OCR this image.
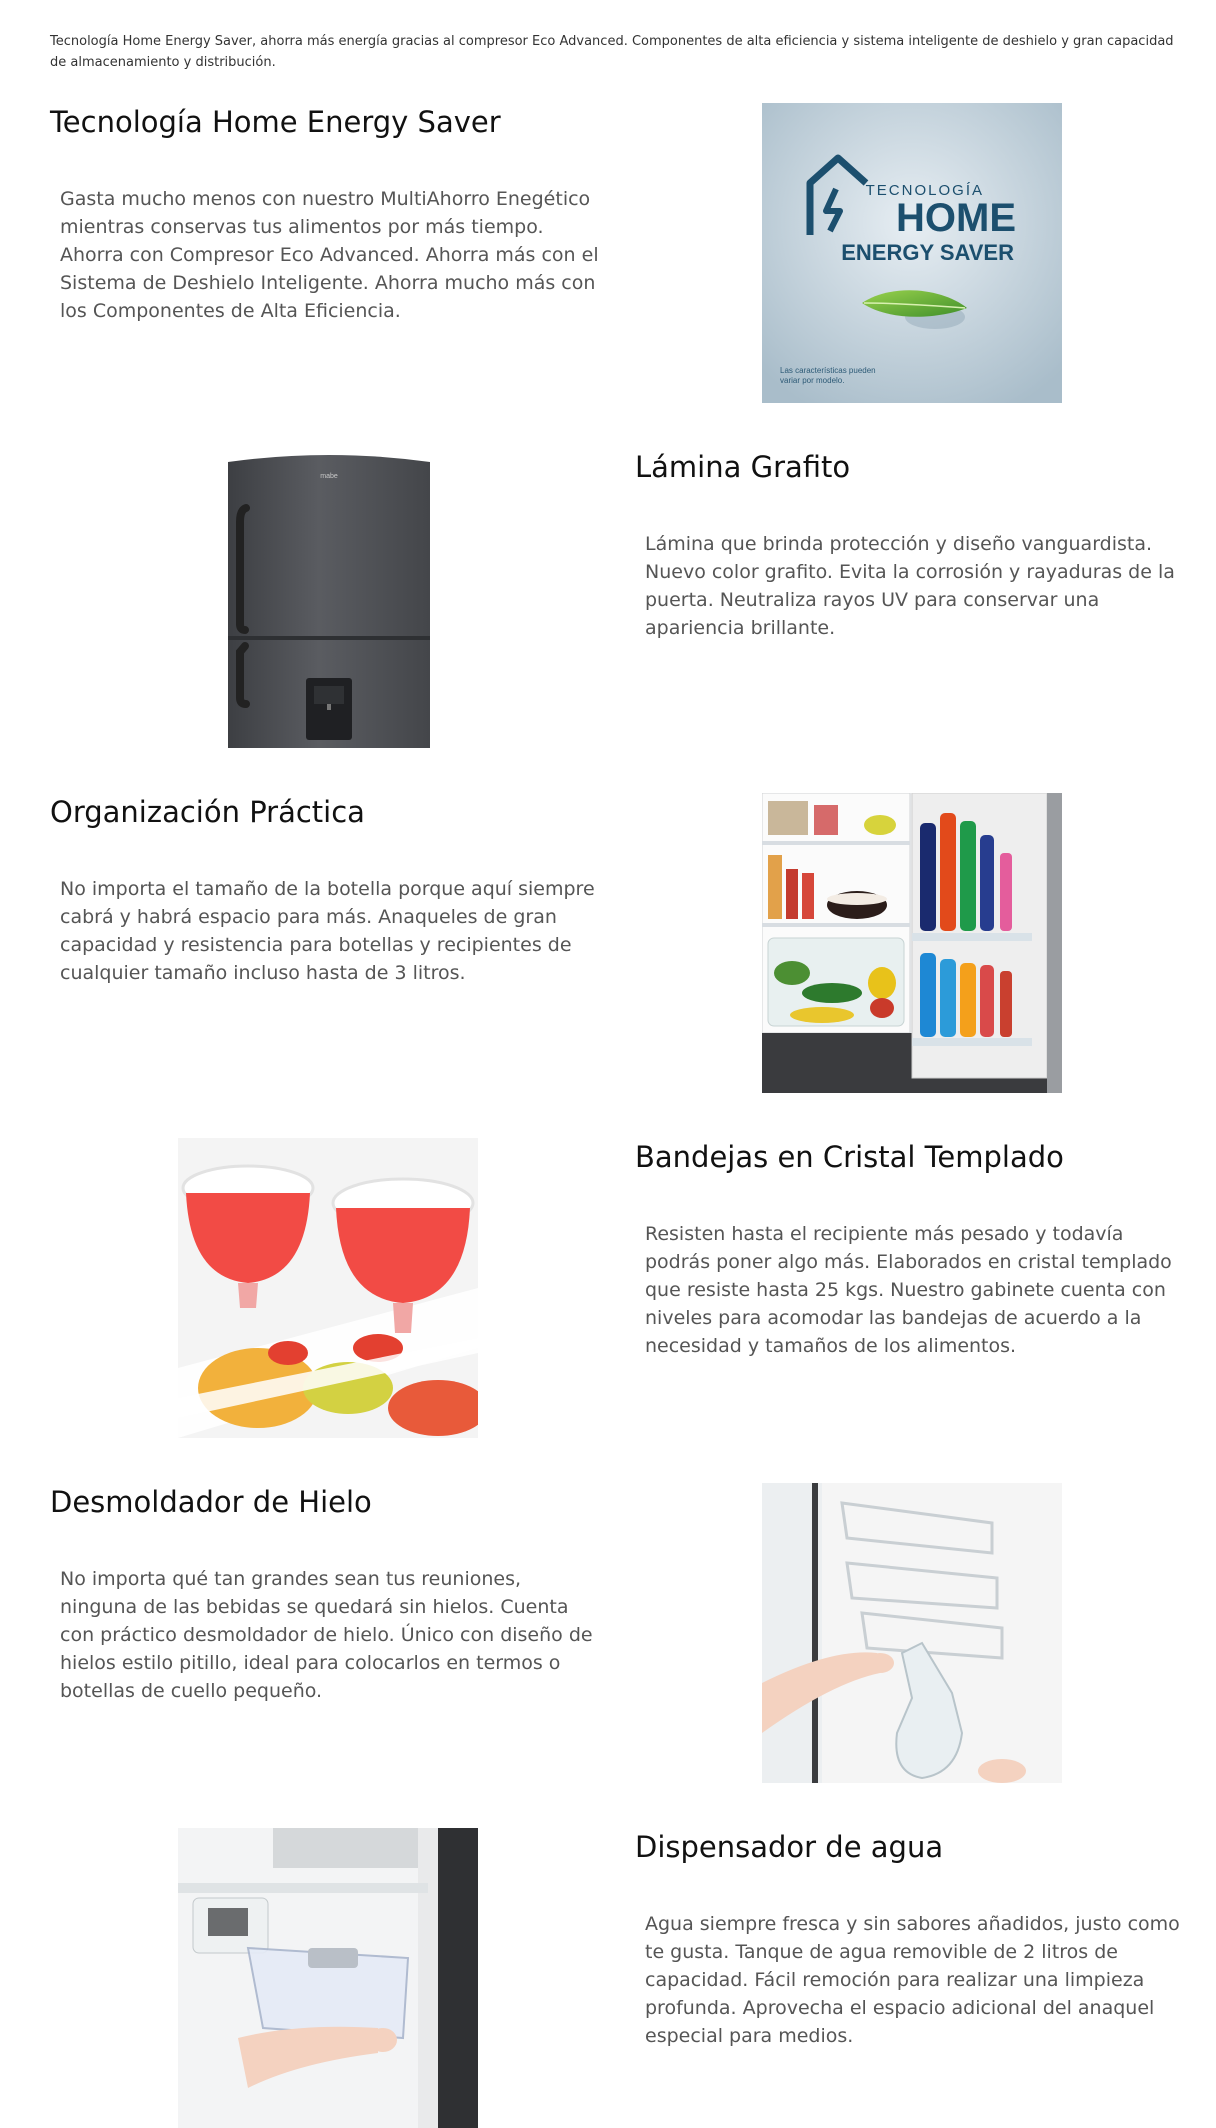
Tecnología Home Energy Saver, ahorra más energía gracias al compresor Eco Advanced. Componentes de alta eficiencia y sistema inteligente de deshielo y gran capacidad de almacenamiento y distribución.

Tecnología Home Energy Saver

Gasta mucho menos con nuestro MultiAhorro Enegético mientras conservas tus alimentos por más tiempo. Ahorra con Compresor Eco Advanced. Ahorra más con el Sistema de Deshielo Inteligente. Ahorra mucho más con los Componentes de Alta Eficiencia.

TECNOLOGÍA
HOME
ENERGY SAVER
Las características pueden
variar por modelo.
Lámina Grafito

Lámina que brinda protección y diseño vanguardista. Nuevo color grafito. Evita la corrosión y rayaduras de la puerta. Neutraliza rayos UV para conservar una apariencia brillante.

mabe
Organización Práctica

No importa el tamaño de la botella porque aquí siempre cabrá y habrá espacio para más. Anaqueles de gran capacidad y resistencia para botellas y recipientes de cualquier tamaño incluso hasta de 3 litros.

Bandejas en Cristal Templado

Resisten hasta el recipiente más pesado y todavía podrás poner algo más. Elaborados en cristal templado que resiste hasta 25 kgs. Nuestro gabinete cuenta con niveles para acomodar las bandejas de acuerdo a la necesidad y tamaños de los alimentos.

Desmoldador de Hielo

No importa qué tan grandes sean tus reuniones, ninguna de las bebidas se quedará sin hielos. Cuenta con práctico desmoldador de hielo. Único con diseño de hielos estilo pitillo, ideal para colocarlos en termos o botellas de cuello pequeño.

Dispensador de agua

Agua siempre fresca y sin sabores añadidos, justo como te gusta. Tanque de agua removible de 2 litros de capacidad. Fácil remoción para realizar una limpieza profunda. Aprovecha el espacio adicional del anaquel especial para medios.
